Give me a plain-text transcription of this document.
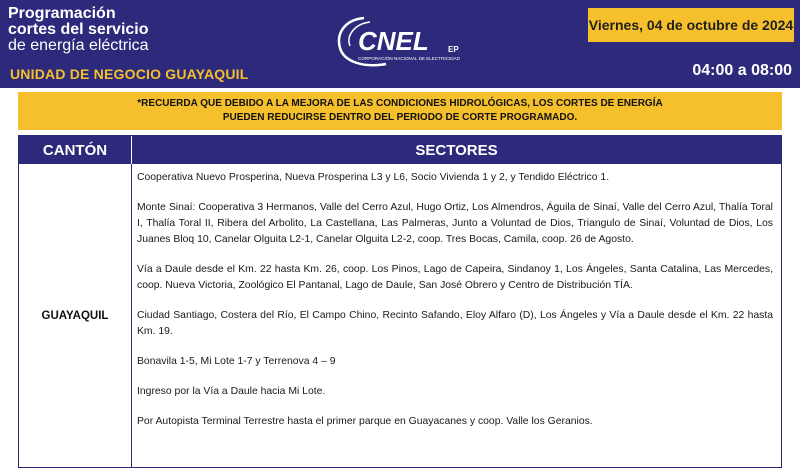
Programación
cortes del servicio
de energía eléctrica
UNIDAD DE NEGOCIO GUAYAQUIL
CNEL EP
CORPORACIÓN NACIONAL DE ELECTRICIDAD
Viernes, 04 de octubre de 2024
04:00 a 08:00
*RECUERDA QUE DEBIDO A LA MEJORA DE LAS CONDICIONES HIDROLÓGICAS, LOS CORTES DE ENERGÍA
PUEDEN REDUCIRSE DENTRO DEL PERIODO DE CORTE PROGRAMADO.
CANTÓN	SECTORES
GUAYAQUIL

Cooperativa Nuevo Prosperina, Nueva Prosperina L3 y L6, Socio Vivienda 1 y 2, y Tendido Eléctrico 1.

Monte Sinaí: Cooperativa 3 Hermanos, Valle del Cerro Azul, Hugo Ortiz, Los Almendros, Águila de Sinaí, Valle del Cerro Azul, Thalía Toral I, Thalía Toral II, Ribera del Arbolito, La Castellana, Las Palmeras, Junto a Voluntad de Dios, Triangulo de Sinaí, Voluntad de Dios, Los Juanes Bloq 10, Canelar Olguita L2-1, Canelar Olguita L2-2, coop. Tres Bocas, Camila, coop. 26 de Agosto.

Vía a Daule desde el Km. 22 hasta Km. 26, coop. Los Pinos, Lago de Capeira, Sindanoy 1, Los Ángeles, Santa Catalina, Las Mercedes, coop. Nueva Victoria, Zoológico El Pantanal, Lago de Daule, San José Obrero y Centro de Distribución TÍA.

Ciudad Santiago, Costera del Río, El Campo Chino, Recinto Safando, Eloy Alfaro (D), Los Ángeles y Vía a Daule desde el Km. 22 hasta Km. 19.

Bonavila 1-5, Mi Lote 1-7 y Terrenova 4 – 9

Ingreso por la Vía a Daule hacia Mi Lote.

Por Autopista Terminal Terrestre hasta el primer parque en Guayacanes y coop. Valle los Geranios.
